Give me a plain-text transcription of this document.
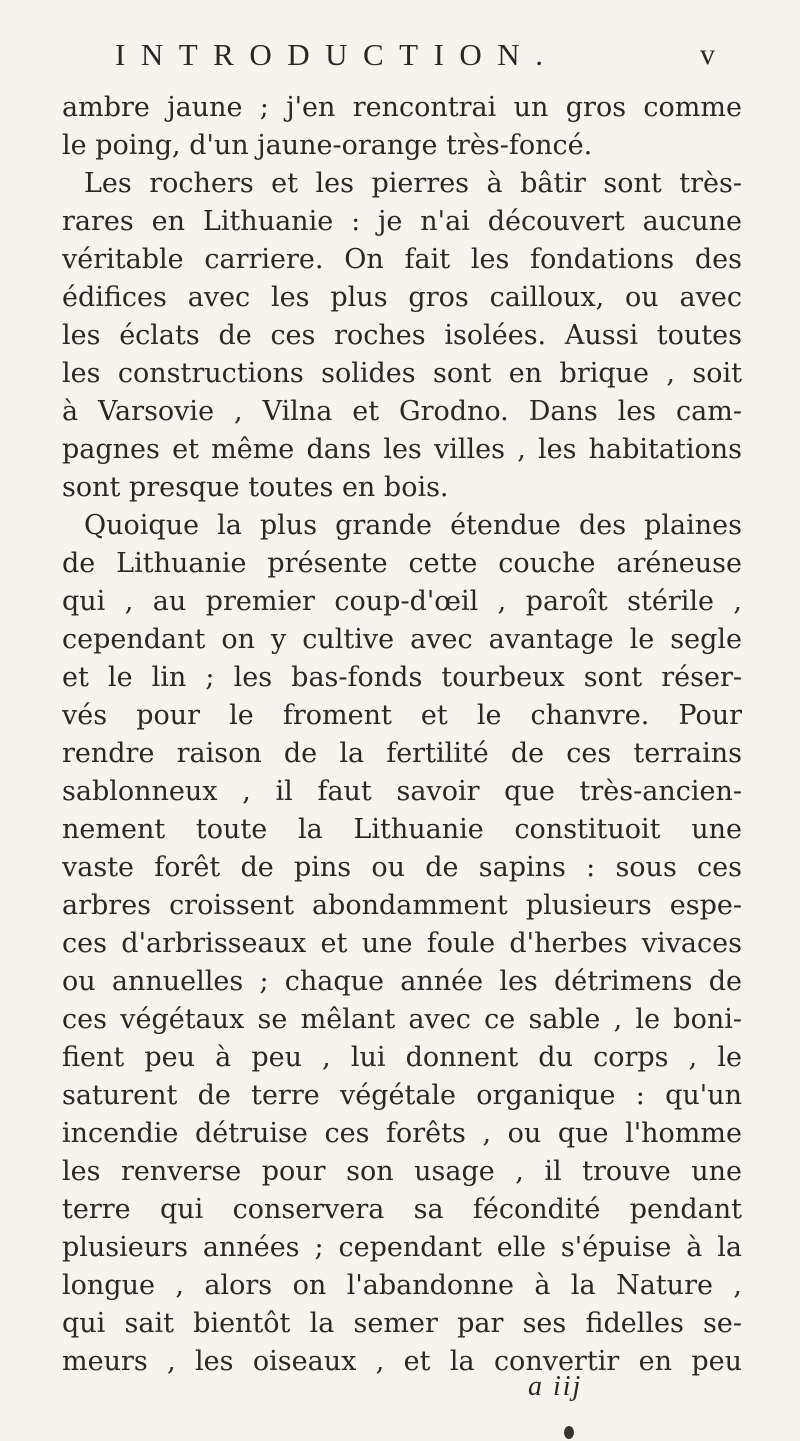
INTRODUCTION.	v
ambre jaune ; j'en rencontrai un gros comme
le poing, d'un jaune-orange très-foncé.
Les rochers et les pierres à bâtir sont très-
rares en Lithuanie : je n'ai découvert aucune
véritable carriere. On fait les fondations des
édifices avec les plus gros cailloux, ou avec
les éclats de ces roches isolées. Aussi toutes
les constructions solides sont en brique , soit
à Varsovie , Vilna et Grodno. Dans les cam-
pagnes et même dans les villes , les habitations
sont presque toutes en bois.
Quoique la plus grande étendue des plaines
de Lithuanie présente cette couche aréneuse
qui , au premier coup-d'œil , paroît stérile ,
cependant on y cultive avec avantage le segle
et le lin ; les bas-fonds tourbeux sont réser-
vés pour le froment et le chanvre. Pour
rendre raison de la fertilité de ces terrains
sablonneux , il faut savoir que très-ancien-
nement toute la Lithuanie constituoit une
vaste forêt de pins ou de sapins : sous ces
arbres croissent abondamment plusieurs espe-
ces d'arbrisseaux et une foule d'herbes vivaces
ou annuelles ; chaque année les détrimens de
ces végétaux se mêlant avec ce sable , le boni-
fient peu à peu , lui donnent du corps , le
saturent de terre végétale organique : qu'un
incendie détruise ces forêts , ou que l'homme
les renverse pour son usage , il trouve une
terre qui conservera sa fécondité pendant
plusieurs années ; cependant elle s'épuise à la
longue , alors on l'abandonne à la Nature ,
qui sait bientôt la semer par ses fidelles se-
meurs , les oiseaux , et la convertir en peu
a iij
